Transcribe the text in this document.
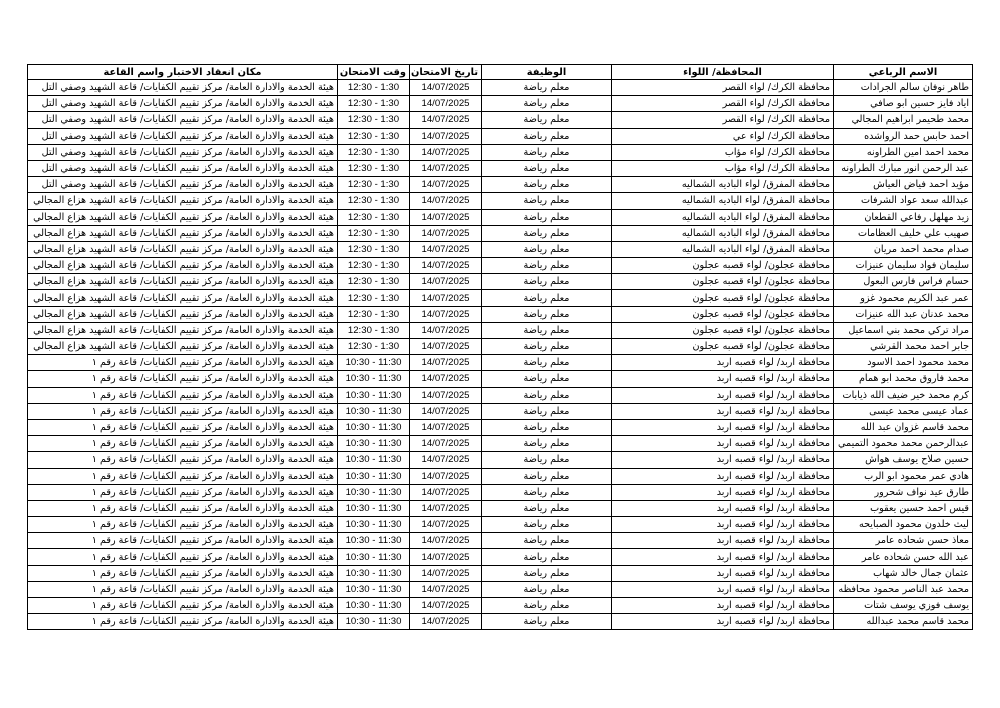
الاسم الرباعي	المحافظة/ اللواء	الوظيفة	تاريخ الامتحان	وقت الامتحان	مكان انعقاد الاختبار واسم القاعة
طاهر نوفان سالم الجرادات	محافظة الكرك/ لواء القصر	معلم رياضة	14/07/2025	12:30 - 1:30	هيئة الخدمة والادارة العامة/ مركز تقييم الكفايات/ قاعة الشهيد وصفي التل
اياد فايز حسين ابو صافي	محافظة الكرك/ لواء القصر	معلم رياضة	14/07/2025	12:30 - 1:30	هيئة الخدمة والادارة العامة/ مركز تقييم الكفايات/ قاعة الشهيد وصفي التل
محمد طحيمر ابراهيم المجالي	محافظة الكرك/ لواء القصر	معلم رياضة	14/07/2025	12:30 - 1:30	هيئة الخدمة والادارة العامة/ مركز تقييم الكفايات/ قاعة الشهيد وصفي التل
احمد حابس حمد الرواشده	محافظة الكرك/ لواء عي	معلم رياضة	14/07/2025	12:30 - 1:30	هيئة الخدمة والادارة العامة/ مركز تقييم الكفايات/ قاعة الشهيد وصفي التل
محمد احمد امين الطراونه	محافظة الكرك/ لواء مؤاب	معلم رياضة	14/07/2025	12:30 - 1:30	هيئة الخدمة والادارة العامة/ مركز تقييم الكفايات/ قاعة الشهيد وصفي التل
عبد الرحمن انور مبارك الطراونه	محافظة الكرك/ لواء مؤاب	معلم رياضة	14/07/2025	12:30 - 1:30	هيئة الخدمة والادارة العامة/ مركز تقييم الكفايات/ قاعة الشهيد وصفي التل
مؤيد احمد فياض العياش	محافظة المفرق/ لواء الباديه الشماليه	معلم رياضة	14/07/2025	12:30 - 1:30	هيئة الخدمة والادارة العامة/ مركز تقييم الكفايات/ قاعة الشهيد وصفي التل
عبدالله سعد عواد الشرفات	محافظة المفرق/ لواء الباديه الشماليه	معلم رياضة	14/07/2025	12:30 - 1:30	هيئة الخدمة والادارة العامة/ مركز تقييم الكفايات/ قاعة الشهيد هزاع المجالي
زيد مهلهل رفاعي القطعان	محافظة المفرق/ لواء الباديه الشماليه	معلم رياضة	14/07/2025	12:30 - 1:30	هيئة الخدمة والادارة العامة/ مركز تقييم الكفايات/ قاعة الشهيد هزاع المجالي
صهيب علي خليف العظامات	محافظة المفرق/ لواء الباديه الشماليه	معلم رياضة	14/07/2025	12:30 - 1:30	هيئة الخدمة والادارة العامة/ مركز تقييم الكفايات/ قاعة الشهيد هزاع المجالي
صدام محمد احمد مريان	محافظة المفرق/ لواء الباديه الشماليه	معلم رياضة	14/07/2025	12:30 - 1:30	هيئة الخدمة والادارة العامة/ مركز تقييم الكفايات/ قاعة الشهيد هزاع المجالي
سليمان فواد سليمان عنيزات	محافظة عجلون/ لواء قصبه عجلون	معلم رياضة	14/07/2025	12:30 - 1:30	هيئة الخدمة والادارة العامة/ مركز تقييم الكفايات/ قاعة الشهيد هزاع المجالي
حسام فراس فارس البعول	محافظة عجلون/ لواء قصبه عجلون	معلم رياضة	14/07/2025	12:30 - 1:30	هيئة الخدمة والادارة العامة/ مركز تقييم الكفايات/ قاعة الشهيد هزاع المجالي
عمر عبد الكريم محمود غزو	محافظة عجلون/ لواء قصبه عجلون	معلم رياضة	14/07/2025	12:30 - 1:30	هيئة الخدمة والادارة العامة/ مركز تقييم الكفايات/ قاعة الشهيد هزاع المجالي
محمد عدنان عبد الله عنيزات	محافظة عجلون/ لواء قصبه عجلون	معلم رياضة	14/07/2025	12:30 - 1:30	هيئة الخدمة والادارة العامة/ مركز تقييم الكفايات/ قاعة الشهيد هزاع المجالي
مراد تركي محمد بني اسماعيل	محافظة عجلون/ لواء قصبه عجلون	معلم رياضة	14/07/2025	12:30 - 1:30	هيئة الخدمة والادارة العامة/ مركز تقييم الكفايات/ قاعة الشهيد هزاع المجالي
جابر احمد محمد القرشي	محافظة عجلون/ لواء قصبه عجلون	معلم رياضة	14/07/2025	12:30 - 1:30	هيئة الخدمة والادارة العامة/ مركز تقييم الكفايات/ قاعة الشهيد هزاع المجالي
محمد محمود احمد الاسود	محافظة اربد/ لواء قصبه اربد	معلم رياضة	14/07/2025	10:30 - 11:30	هيئة الخدمة والادارة العامة/ مركز تقييم الكفايات/ قاعة رقم ١
محمد فاروق محمد ابو همام	محافظة اربد/ لواء قصبه اربد	معلم رياضة	14/07/2025	10:30 - 11:30	هيئة الخدمة والادارة العامة/ مركز تقييم الكفايات/ قاعة رقم ١
كرم محمد خير ضيف الله ذيابات	محافظة اربد/ لواء قصبه اربد	معلم رياضة	14/07/2025	10:30 - 11:30	هيئة الخدمة والادارة العامة/ مركز تقييم الكفايات/ قاعة رقم ١
عماد عيسى محمد عيسى	محافظة اربد/ لواء قصبه اربد	معلم رياضة	14/07/2025	10:30 - 11:30	هيئة الخدمة والادارة العامة/ مركز تقييم الكفايات/ قاعة رقم ١
محمد قاسم غزوان عبد الله	محافظة اربد/ لواء قصبه اربد	معلم رياضة	14/07/2025	10:30 - 11:30	هيئة الخدمة والادارة العامة/ مركز تقييم الكفايات/ قاعة رقم ١
عبدالرحمن محمد محمود التميمي	محافظة اربد/ لواء قصبه اربد	معلم رياضة	14/07/2025	10:30 - 11:30	هيئة الخدمة والادارة العامة/ مركز تقييم الكفايات/ قاعة رقم ١
حسين صلاح يوسف هواش	محافظة اربد/ لواء قصبه اربد	معلم رياضة	14/07/2025	10:30 - 11:30	هيئة الخدمة والادارة العامة/ مركز تقييم الكفايات/ قاعة رقم ١
هادي عمر محمود ابو الرب	محافظة اربد/ لواء قصبه اربد	معلم رياضة	14/07/2025	10:30 - 11:30	هيئة الخدمة والادارة العامة/ مركز تقييم الكفايات/ قاعة رقم ١
طارق عيد نواف شحرور	محافظة اربد/ لواء قصبه اربد	معلم رياضة	14/07/2025	10:30 - 11:30	هيئة الخدمة والادارة العامة/ مركز تقييم الكفايات/ قاعة رقم ١
قيس احمد حسين يعقوب	محافظة اربد/ لواء قصبه اربد	معلم رياضة	14/07/2025	10:30 - 11:30	هيئة الخدمة والادارة العامة/ مركز تقييم الكفايات/ قاعة رقم ١
ليث خلدون محمود الصبايحه	محافظة اربد/ لواء قصبه اربد	معلم رياضة	14/07/2025	10:30 - 11:30	هيئة الخدمة والادارة العامة/ مركز تقييم الكفايات/ قاعة رقم ١
معاذ حسن شحاده عامر	محافظة اربد/ لواء قصبه اربد	معلم رياضة	14/07/2025	10:30 - 11:30	هيئة الخدمة والادارة العامة/ مركز تقييم الكفايات/ قاعة رقم ١
عبد الله حسن شحاده عامر	محافظة اربد/ لواء قصبه اربد	معلم رياضة	14/07/2025	10:30 - 11:30	هيئة الخدمة والادارة العامة/ مركز تقييم الكفايات/ قاعة رقم ١
عثمان جمال خالد شهاب	محافظة اربد/ لواء قصبه اربد	معلم رياضة	14/07/2025	10:30 - 11:30	هيئة الخدمة والادارة العامة/ مركز تقييم الكفايات/ قاعة رقم ١
محمد عبد الناصر محمود محافظه	محافظة اربد/ لواء قصبه اربد	معلم رياضة	14/07/2025	10:30 - 11:30	هيئة الخدمة والادارة العامة/ مركز تقييم الكفايات/ قاعة رقم ١
يوسف فوزي يوسف شتات	محافظة اربد/ لواء قصبه اربد	معلم رياضة	14/07/2025	10:30 - 11:30	هيئة الخدمة والادارة العامة/ مركز تقييم الكفايات/ قاعة رقم ١
محمد قاسم محمد عبدالله	محافظة اربد/ لواء قصبه اربد	معلم رياضة	14/07/2025	10:30 - 11:30	هيئة الخدمة والادارة العامة/ مركز تقييم الكفايات/ قاعة رقم ١
